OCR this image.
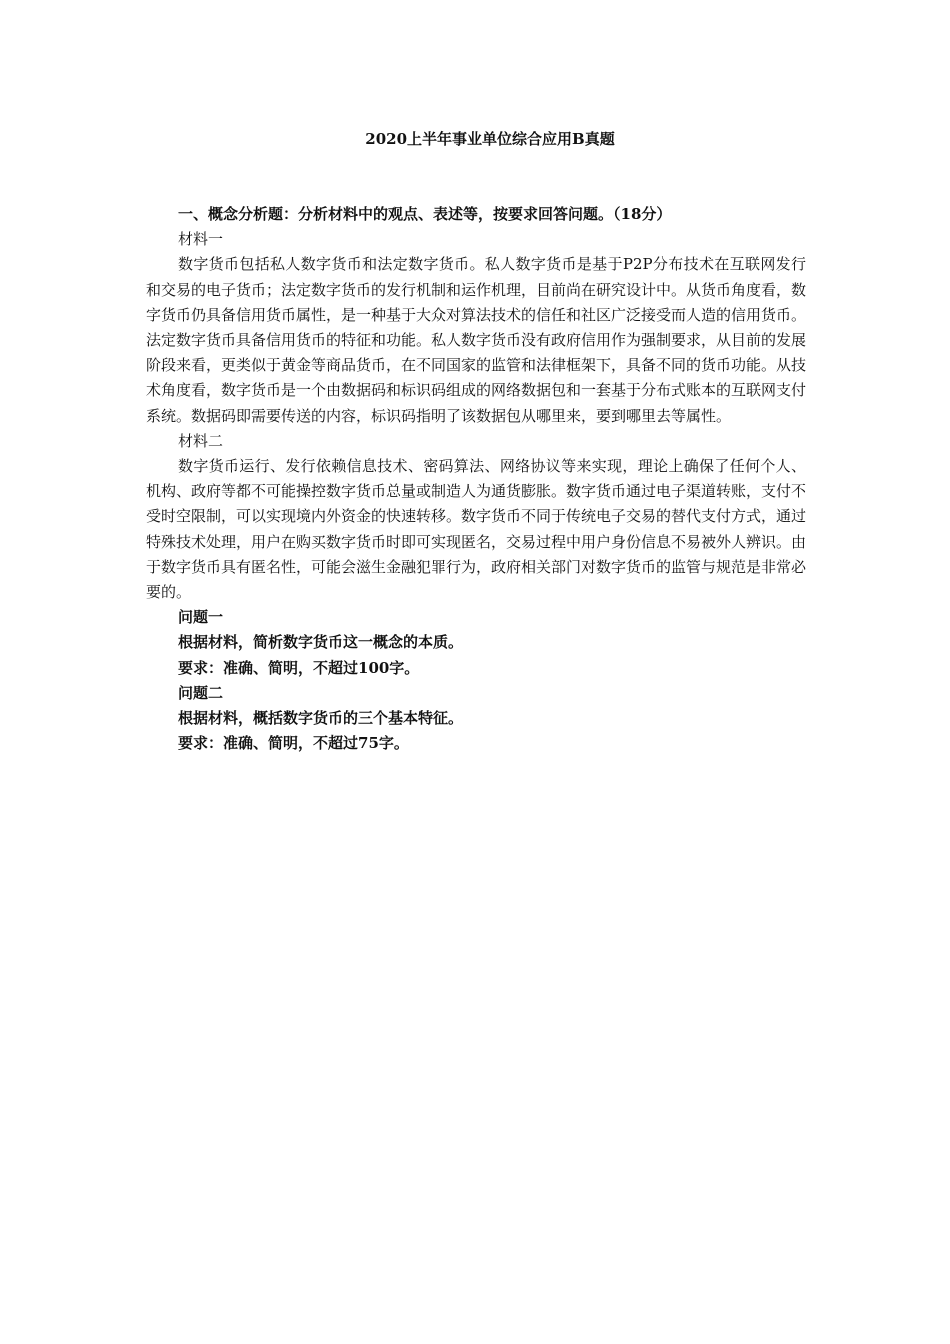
2020上半年事业单位综合应用B真题

一、概念分析题：分析材料中的观点、表述等，按要求回答问题。（18分）

材料一

数字货币包括私人数字货币和法定数字货币。私人数字货币是基于P2P分布技术在互联网发行和交易的电子货币；法定数字货币的发行机制和运作机理，目前尚在研究设计中。从货币角度看，数字货币仍具备信用货币属性，是一种基于大众对算法技术的信任和社区广泛接受而人造的信用货币。法定数字货币具备信用货币的特征和功能。私人数字货币没有政府信用作为强制要求，从目前的发展阶段来看，更类似于黄金等商品货币，在不同国家的监管和法律框架下，具备不同的货币功能。从技术角度看，数字货币是一个由数据码和标识码组成的网络数据包和一套基于分布式账本的互联网支付系统。数据码即需要传送的内容，标识码指明了该数据包从哪里来，要到哪里去等属性。

材料二

数字货币运行、发行依赖信息技术、密码算法、网络协议等来实现，理论上确保了任何个人、机构、政府等都不可能操控数字货币总量或制造人为通货膨胀。数字货币通过电子渠道转账，支付不受时空限制，可以实现境内外资金的快速转移。数字货币不同于传统电子交易的替代支付方式，通过特殊技术处理，用户在购买数字货币时即可实现匿名，交易过程中用户身份信息不易被外人辨识。由于数字货币具有匿名性，可能会滋生金融犯罪行为，政府相关部门对数字货币的监管与规范是非常必要的。

问题一

根据材料，简析数字货币这一概念的本质。

要求：准确、简明，不超过100字。

问题二

根据材料，概括数字货币的三个基本特征。

要求：准确、简明，不超过75字。
